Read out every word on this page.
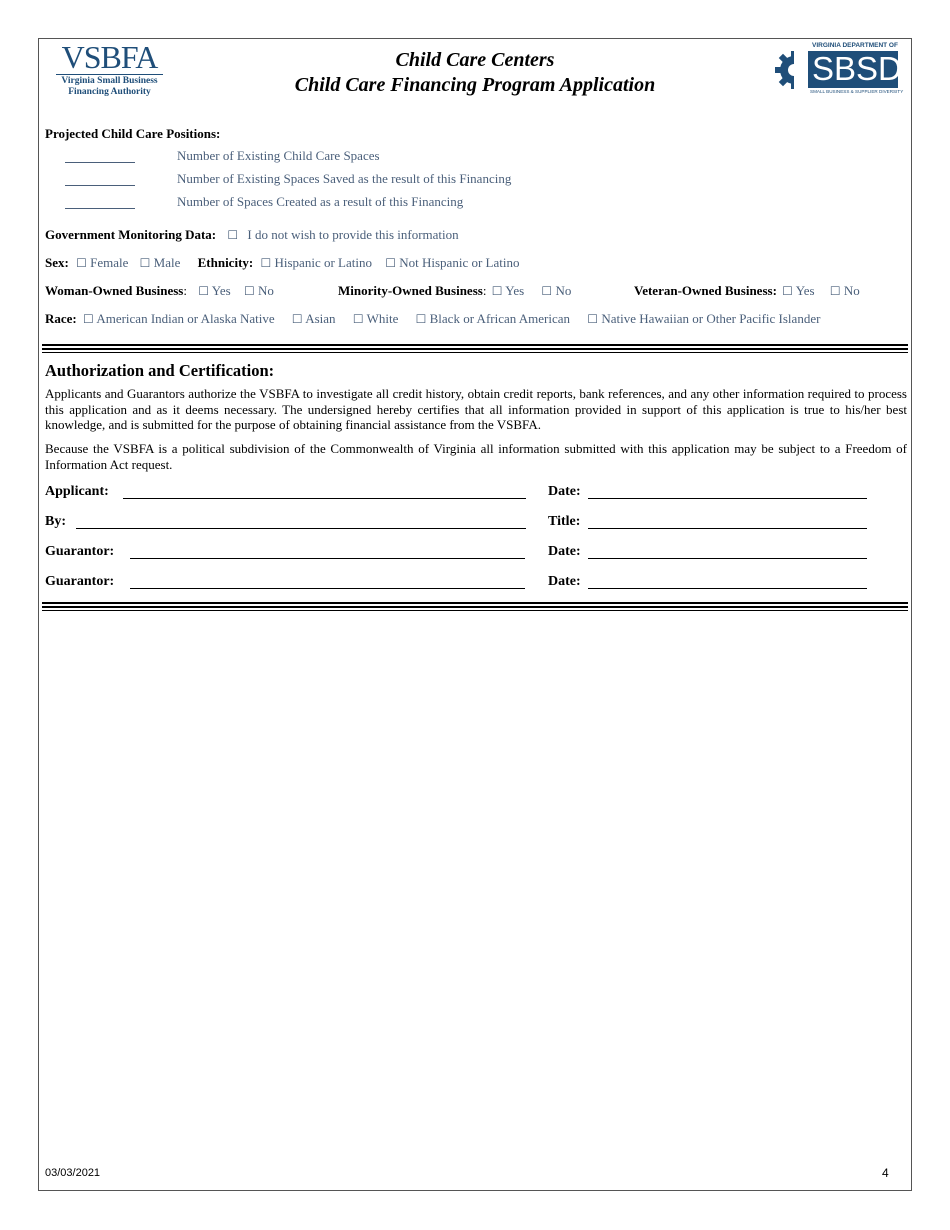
VSBFA
Virginia Small Business
Financing Authority
Child Care Centers
Child Care Financing Program Application
VIRGINIA DEPARTMENT OF
SBSD
SMALL BUSINESS & SUPPLIER DIVERSITY
Projected Child Care Positions:
Number of Existing Child Care Spaces
Number of Existing Spaces Saved as the result of this Financing
Number of Spaces Created as a result of this Financing
Government Monitoring Data: ☐ I do not wish to provide this information
Sex: ☐ Female ☐ Male Ethnicity: ☐ Hispanic or Latino ☐ Not Hispanic or Latino
Woman-Owned Business: ☐ Yes ☐ No	Minority-Owned Business: ☐ Yes ☐ No	Veteran-Owned Business: ☐ Yes ☐ No
Race: ☐ American Indian or Alaska Native ☐ Asian ☐ White ☐ Black or African American ☐ Native Hawaiian or Other Pacific Islander
Authorization and Certification:
Applicants and Guarantors authorize the VSBFA to investigate all credit history, obtain credit reports, bank references, and any other information required to process this application and as it deems necessary. The undersigned hereby certifies that all information provided in support of this application is true to his/her best knowledge, and is submitted for the purpose of obtaining financial assistance from the VSBFA.
Because the VSBFA is a political subdivision of the Commonwealth of Virginia all information submitted with this application may be subject to a Freedom of Information Act request.
Applicant:	Date:
By:	Title:
Guarantor:	Date:
Guarantor:	Date:
03/03/2021	4
